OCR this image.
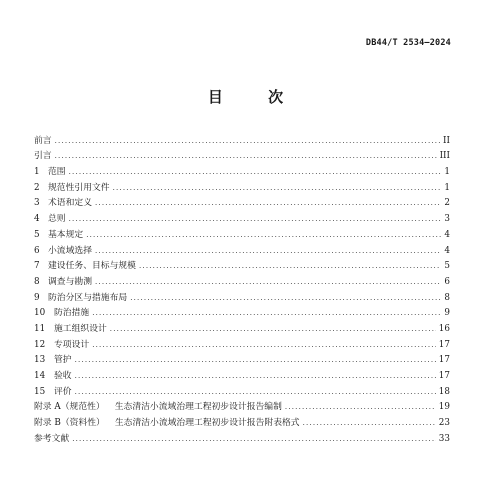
DB44/T 2534—2024
目 次
前言 .....	II
引言 .....	III
1 范围 .....	1
2 规范性引用文件 .....	1
3 术语和定义 .....	2
4 总则 .....	3
5 基本规定 .....	4
6 小流域选择 .....	4
7 建设任务、目标与规模 .....	5
8 调查与勘测 .....	6
9 防治分区与措施布局 .....	8
10 防治措施 .....	9
11 施工组织设计 .....	16
12 专项设计 .....	17
13 管护 .....	17
14 验收 .....	17
15 评价 .....	18
附录 A（规范性） 生态清洁小流域治理工程初步设计报告编制 .....	19
附录 B（资料性） 生态清洁小流域治理工程初步设计报告附表格式 .....	23
参考文献 .....	33
